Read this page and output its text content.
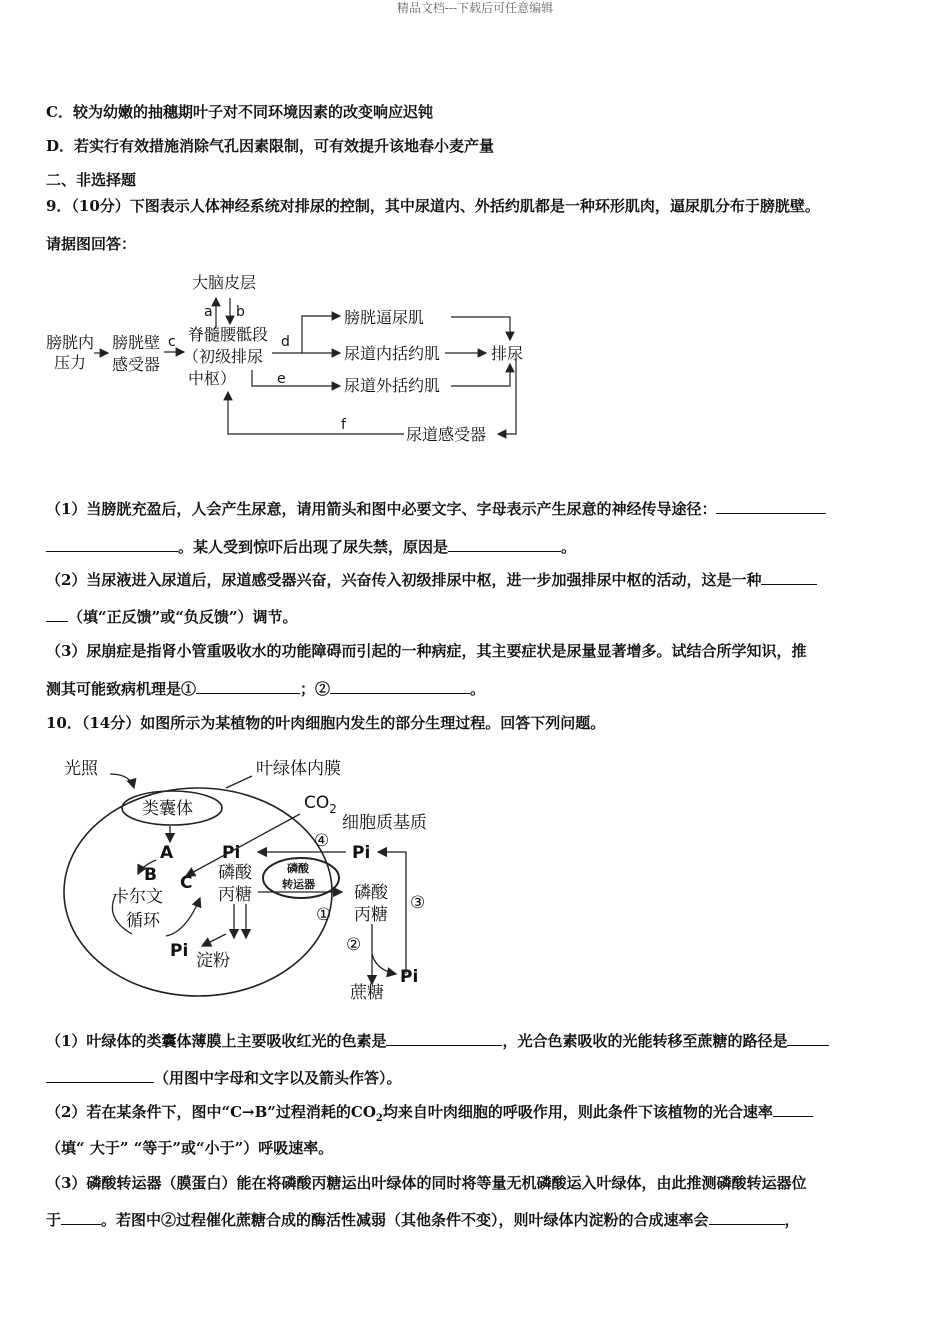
精品文档---下载后可任意编辑
C．较为幼嫩的抽穗期叶子对不同环境因素的改变响应迟钝
D．若实行有效措施消除气孔因素限制，可有效提升该地春小麦产量
二、非选择题
9．（10分）下图表示人体神经系统对排尿的控制，其中尿道内、外括约肌都是一种环形肌肉，逼尿肌分布于膀胱壁。
请据图回答：
大脑皮层
a b
膀胱内
压力
膀胱壁
感受器
c 脊髓腰骶段
（初级排尿
中枢）
d
e
膀胱逼尿肌
尿道内括约肌
尿道外括约肌
排尿
f	尿道感受器
（1）当膀胱充盈后，人会产生尿意，请用箭头和图中必要文字、字母表示产生尿意的神经传导途径：
。某人受到惊吓后出现了尿失禁，原因是	。
（2）当尿液进入尿道后，尿道感受器兴奋，兴奋传入初级排尿中枢，进一步加强排尿中枢的活动，这是一种
（填“正反馈”或“负反馈”）调节。
（3）尿崩症是指肾小管重吸收水的功能障碍而引起的一种病症，其主要症状是尿量显著增多。试结合所学知识，推
测其可能致病机理是①	；②	。
10．（14分）如图所示为某植物的叶肉细胞内发生的部分生理过程。回答下列问题。
光照	叶绿体内膜
类囊体	$CO_2$
细胞质基质
A
B C
卡尔文
循环
Pi
Pi
磷酸
丙糖
淀粉
磷酸
转运器
④
Pi
磷酸
丙糖
①
③
②
Pi
蔗糖
（1）叶绿体的类囊体薄膜上主要吸收红光的色素是	，光合色素吸收的光能转移至蔗糖的路径是
（用图中字母和文字以及箭头作答）。
（2）若在某条件下，图中“C→B”过程消耗的$CO_2$均来自叶肉细胞的呼吸作用，则此条件下该植物的光合速率
（填“ 大于” “等于”或“小于”）呼吸速率。
（3）磷酸转运器（膜蛋白）能在将磷酸丙糖运出叶绿体的同时将等量无机磷酸运入叶绿体，由此推测磷酸转运器位
于	。若图中②过程催化蔗糖合成的酶活性减弱（其他条件不变），则叶绿体内淀粉的合成速率会	，
